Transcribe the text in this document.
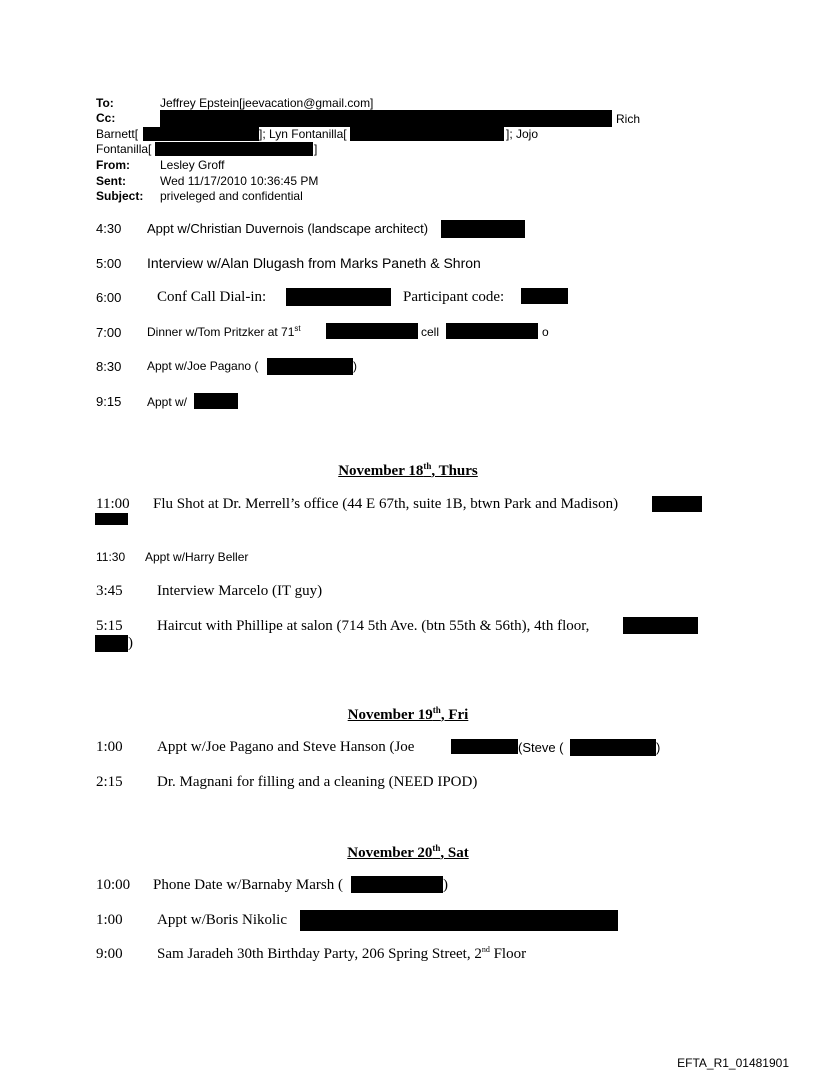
To:	Jeffrey Epstein[jeevacation@gmail.com]
Cc:	Rich
Barnett[	]; Lyn Fontanilla[	]; Jojo
Fontanilla[	]
From:	Lesley Groff
Sent:	Wed 11/17/2010 10:36:45 PM
Subject: priveleged and confidential
4:30 Appt w/Christian Duvernois (landscape architect)
5:00 Interview w/Alan Dlugash from Marks Paneth & Shron
6:00 Conf Call Dial-in:	Participant code:
7:00 Dinner w/Tom Pritzker at 71st	cell	o
8:30 Appt w/Joe Pagano (	)
9:15 Appt w/
November 18th, Thurs
11:00 Flu Shot at Dr. Merrell’s office (44 E 67th, suite 1B, btwn Park and Madison)
11:30 Appt w/Harry Beller
3:45 Interview Marcelo (IT guy)
5:15 Haircut with Phillipe at salon (714 5th Ave. (btn 55th & 56th), 4th floor,
)
November 19th, Fri
1:00 Appt w/Joe Pagano and Steve Hanson (Joe	(Steve (	)
2:15 Dr. Magnani for filling and a cleaning (NEED IPOD)
November 20th, Sat
10:00 Phone Date w/Barnaby Marsh (	)
1:00 Appt w/Boris Nikolic
9:00 Sam Jaradeh 30th Birthday Party, 206 Spring Street, 2nd Floor
EFTA_R1_01481901
